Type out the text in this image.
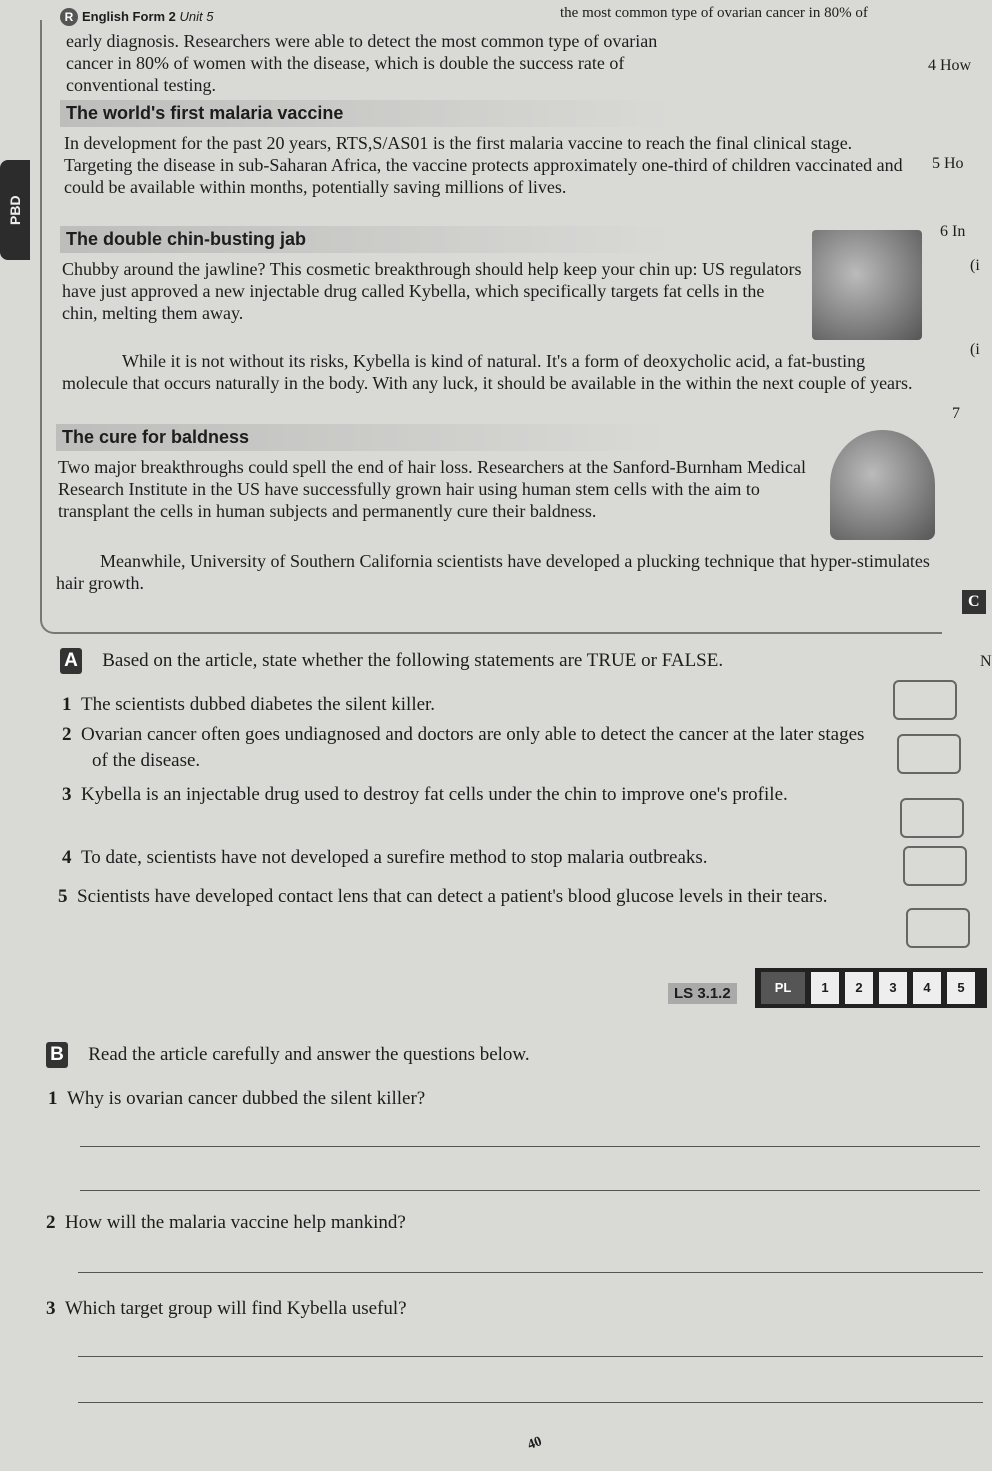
R English Form 2 Unit 5
PBD
the most common type of ovarian cancer in 80% of
early diagnosis. Researchers were able to detect the most common type of ovarian cancer in 80% of women with the disease, which is double the success rate of conventional testing.
The world's first malaria vaccine
In development for the past 20 years, RTS,S/AS01 is the first malaria vaccine to reach the final clinical stage. Targeting the disease in sub-Saharan Africa, the vaccine protects approximately one-third of children vaccinated and could be available within months, potentially saving millions of lives.
The double chin-busting jab
Chubby around the jawline? This cosmetic breakthrough should help keep your chin up: US regulators have just approved a new injectable drug called Kybella, which specifically targets fat cells in the chin, melting them away.
While it is not without its risks, Kybella is kind of natural. It's a form of deoxycholic acid, a fat-busting molecule that occurs naturally in the body. With any luck, it should be available in the within the next couple of years.
The cure for baldness
Two major breakthroughs could spell the end of hair loss. Researchers at the Sanford-Burnham Medical Research Institute in the US have successfully grown hair using human stem cells with the aim to transplant the cells in human subjects and permanently cure their baldness.
Meanwhile, University of Southern California scientists have developed a plucking technique that hyper-stimulates hair growth.
4 How
5 Ho
6 In
(i
(i
7
C
N
A Based on the article, state whether the following statements are TRUE or FALSE.
1 The scientists dubbed diabetes the silent killer.
2 Ovarian cancer often goes undiagnosed and doctors are only able to detect the cancer at the later stages of the disease.
3 Kybella is an injectable drug used to destroy fat cells under the chin to improve one's profile.
4 To date, scientists have not developed a surefire method to stop malaria outbreaks.
5 Scientists have developed contact lens that can detect a patient's blood glucose levels in their tears.
LS 3.1.2	PL	1	2	3	4	5
B Read the article carefully and answer the questions below.
1 Why is ovarian cancer dubbed the silent killer?
2 How will the malaria vaccine help mankind?
3 Which target group will find Kybella useful?
40
